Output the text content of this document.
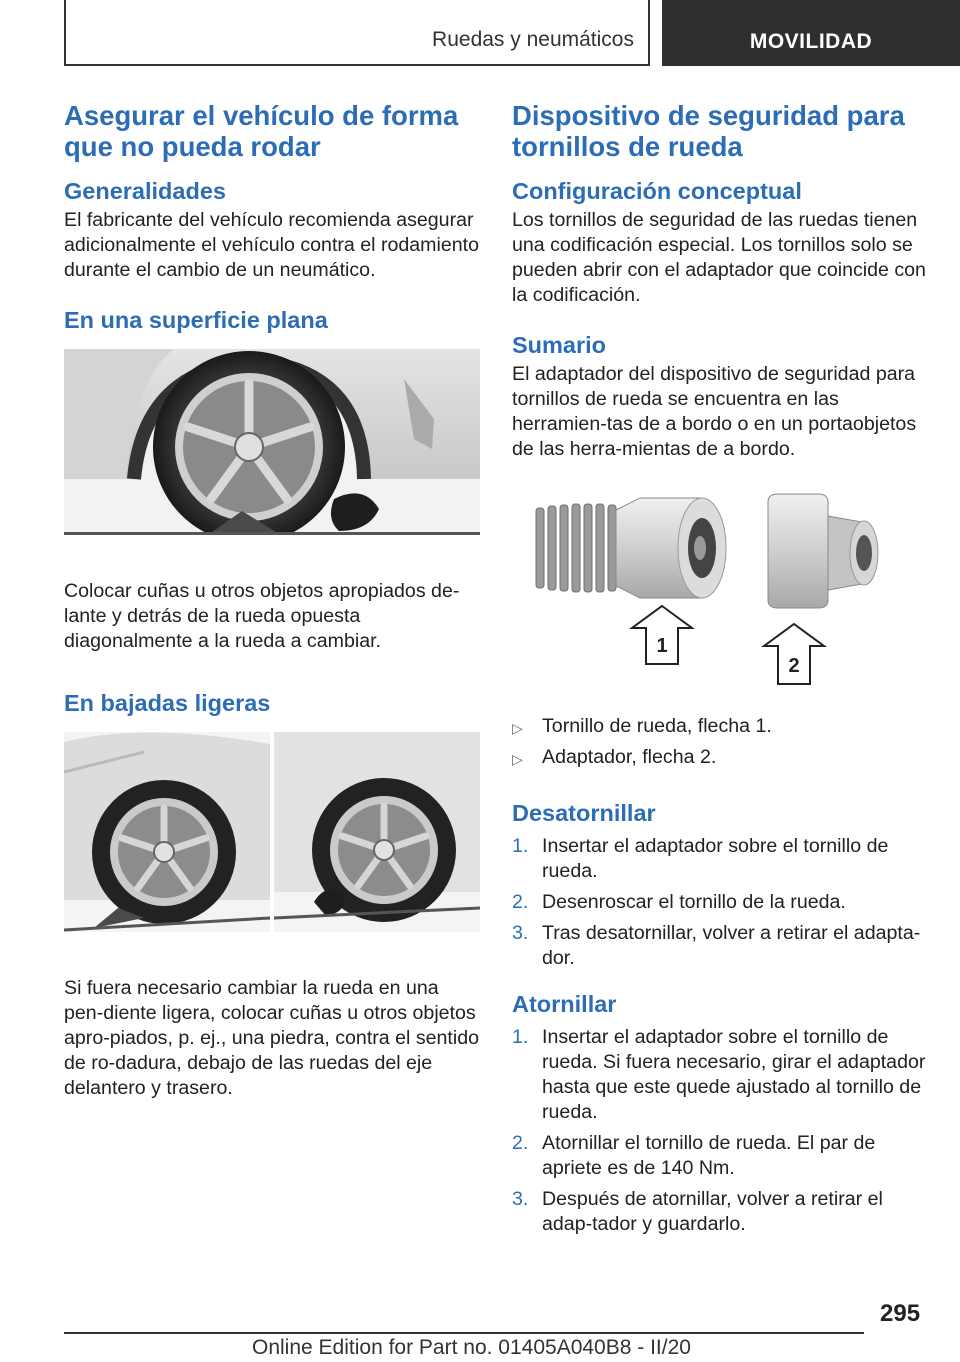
Ruedas y neumáticos	MOVILIDAD
Asegurar el vehículo de forma que no pueda rodar
Generalidades
El fabricante del vehículo recomienda asegurar adicionalmente el vehículo contra el rodamiento durante el cambio de un neumático.
En una superficie plana
Colocar cuñas u otros objetos apropiados de-lante y detrás de la rueda opuesta diagonalmente a la rueda a cambiar.
En bajadas ligeras
Si fuera necesario cambiar la rueda en una pen-diente ligera, colocar cuñas u otros objetos apro-piados, p. ej., una piedra, contra el sentido de ro-dadura, debajo de las ruedas del eje delantero y trasero.
Dispositivo de seguridad para tornillos de rueda
Configuración conceptual
Los tornillos de seguridad de las ruedas tienen una codificación especial. Los tornillos solo se pueden abrir con el adaptador que coincide con la codificación.
Sumario
El adaptador del dispositivo de seguridad para tornillos de rueda se encuentra en las herramien-tas de a bordo o en un portaobjetos de las herra-mientas de a bordo.
1
2
▷ Tornillo de rueda, flecha 1.
▷ Adaptador, flecha 2.
Desatornillar
1. Insertar el adaptador sobre el tornillo de rueda.
2. Desenroscar el tornillo de la rueda.
3. Tras desatornillar, volver a retirar el adapta-dor.
Atornillar
1. Insertar el adaptador sobre el tornillo de rueda. Si fuera necesario, girar el adaptador hasta que este quede ajustado al tornillo de rueda.
2. Atornillar el tornillo de rueda. El par de apriete es de 140 Nm.
3. Después de atornillar, volver a retirar el adap-tador y guardarlo.
295
Online Edition for Part no. 01405A040B8 - II/20
